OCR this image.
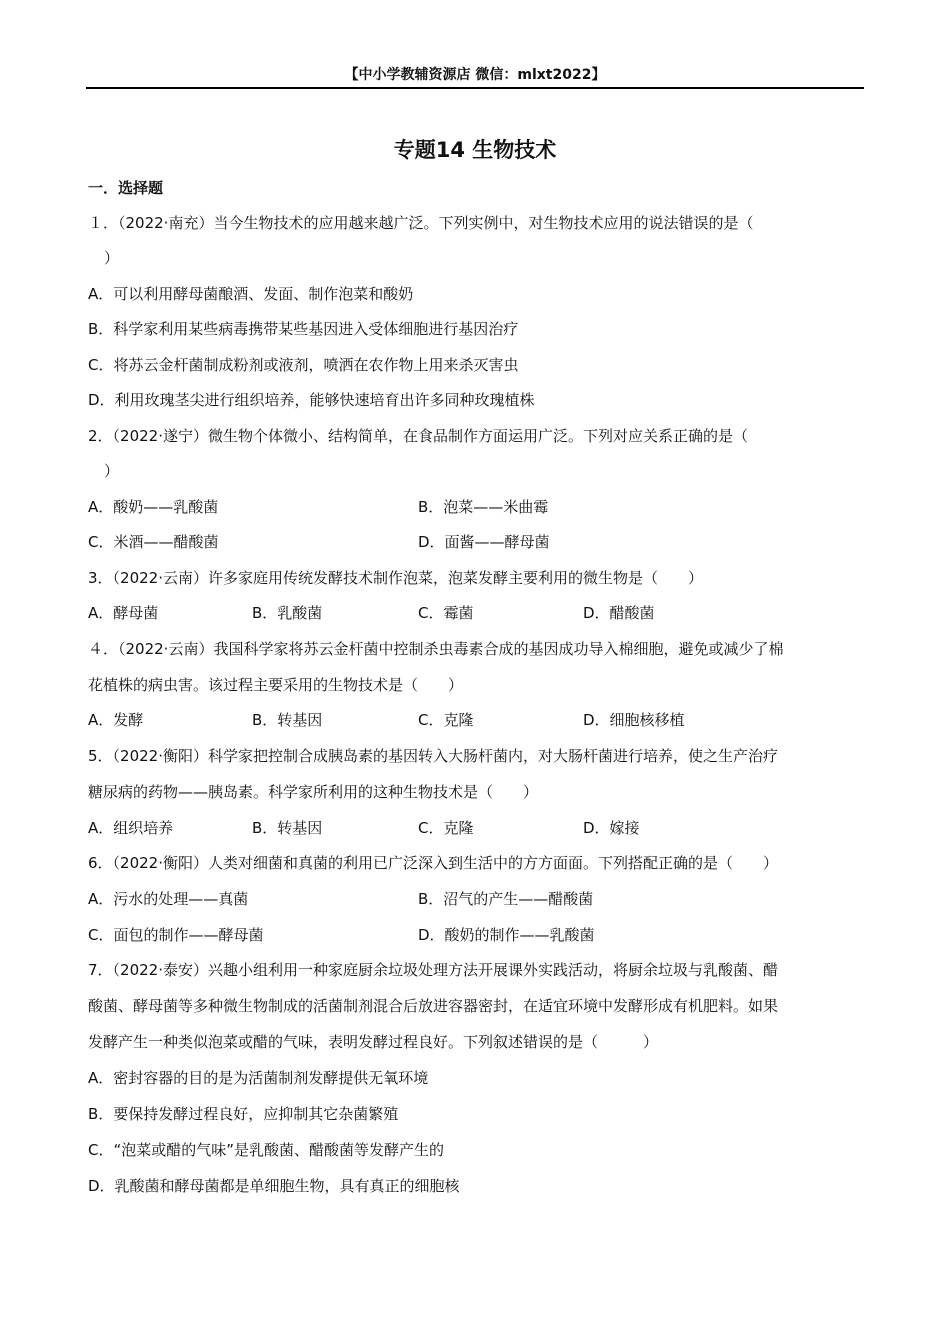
【中小学教辅资源店 微信：mlxt2022】
专题14 生物技术
一．选择题
１．（2022·南充）当今生物技术的应用越来越广泛。下列实例中，对生物技术应用的说法错误的是（
）
A．可以利用酵母菌酿酒、发面、制作泡菜和酸奶
B．科学家利用某些病毒携带某些基因进入受体细胞进行基因治疗
C．将苏云金杆菌制成粉剂或液剂，喷洒在农作物上用来杀灭害虫
D．利用玫瑰茎尖进行组织培养，能够快速培育出许多同种玫瑰植株
2．（2022·遂宁）微生物个体微小、结构简单，在食品制作方面运用广泛。下列对应关系正确的是（
）
A．酸奶——乳酸菌	B．泡菜——米曲霉
C．米酒——醋酸菌	D．面酱——酵母菌
3．（2022·云南）许多家庭用传统发酵技术制作泡菜，泡菜发酵主要利用的微生物是（　　）
A．酵母菌	B．乳酸菌	C．霉菌	D．醋酸菌
４．（2022·云南）我国科学家将苏云金杆菌中控制杀虫毒素合成的基因成功导入棉细胞，避免或减少了棉
花植株的病虫害。该过程主要采用的生物技术是（　　）
A．发酵	B．转基因	C．克隆	D．细胞核移植
5．（2022·衡阳）科学家把控制合成胰岛素的基因转入大肠杆菌内，对大肠杆菌进行培养，使之生产治疗
糖尿病的药物——胰岛素。科学家所利用的这种生物技术是（　　）
A．组织培养	B．转基因	C．克隆	D．嫁接
6．（2022·衡阳）人类对细菌和真菌的利用已广泛深入到生活中的方方面面。下列搭配正确的是（　　）
A．污水的处理——真菌	B．沼气的产生——醋酸菌
C．面包的制作——酵母菌	D．酸奶的制作——乳酸菌
7．（2022·泰安）兴趣小组利用一种家庭厨余垃圾处理方法开展课外实践活动，将厨余垃圾与乳酸菌、醋
酸菌、酵母菌等多种微生物制成的活菌制剂混合后放进容器密封，在适宜环境中发酵形成有机肥料。如果
发酵产生一种类似泡菜或醋的气味，表明发酵过程良好。下列叙述错误的是（　　　）
A．密封容器的目的是为活菌制剂发酵提供无氧环境
B．要保持发酵过程良好，应抑制其它杂菌繁殖
C．“泡菜或醋的气味”是乳酸菌、醋酸菌等发酵产生的
D．乳酸菌和酵母菌都是单细胞生物，具有真正的细胞核
